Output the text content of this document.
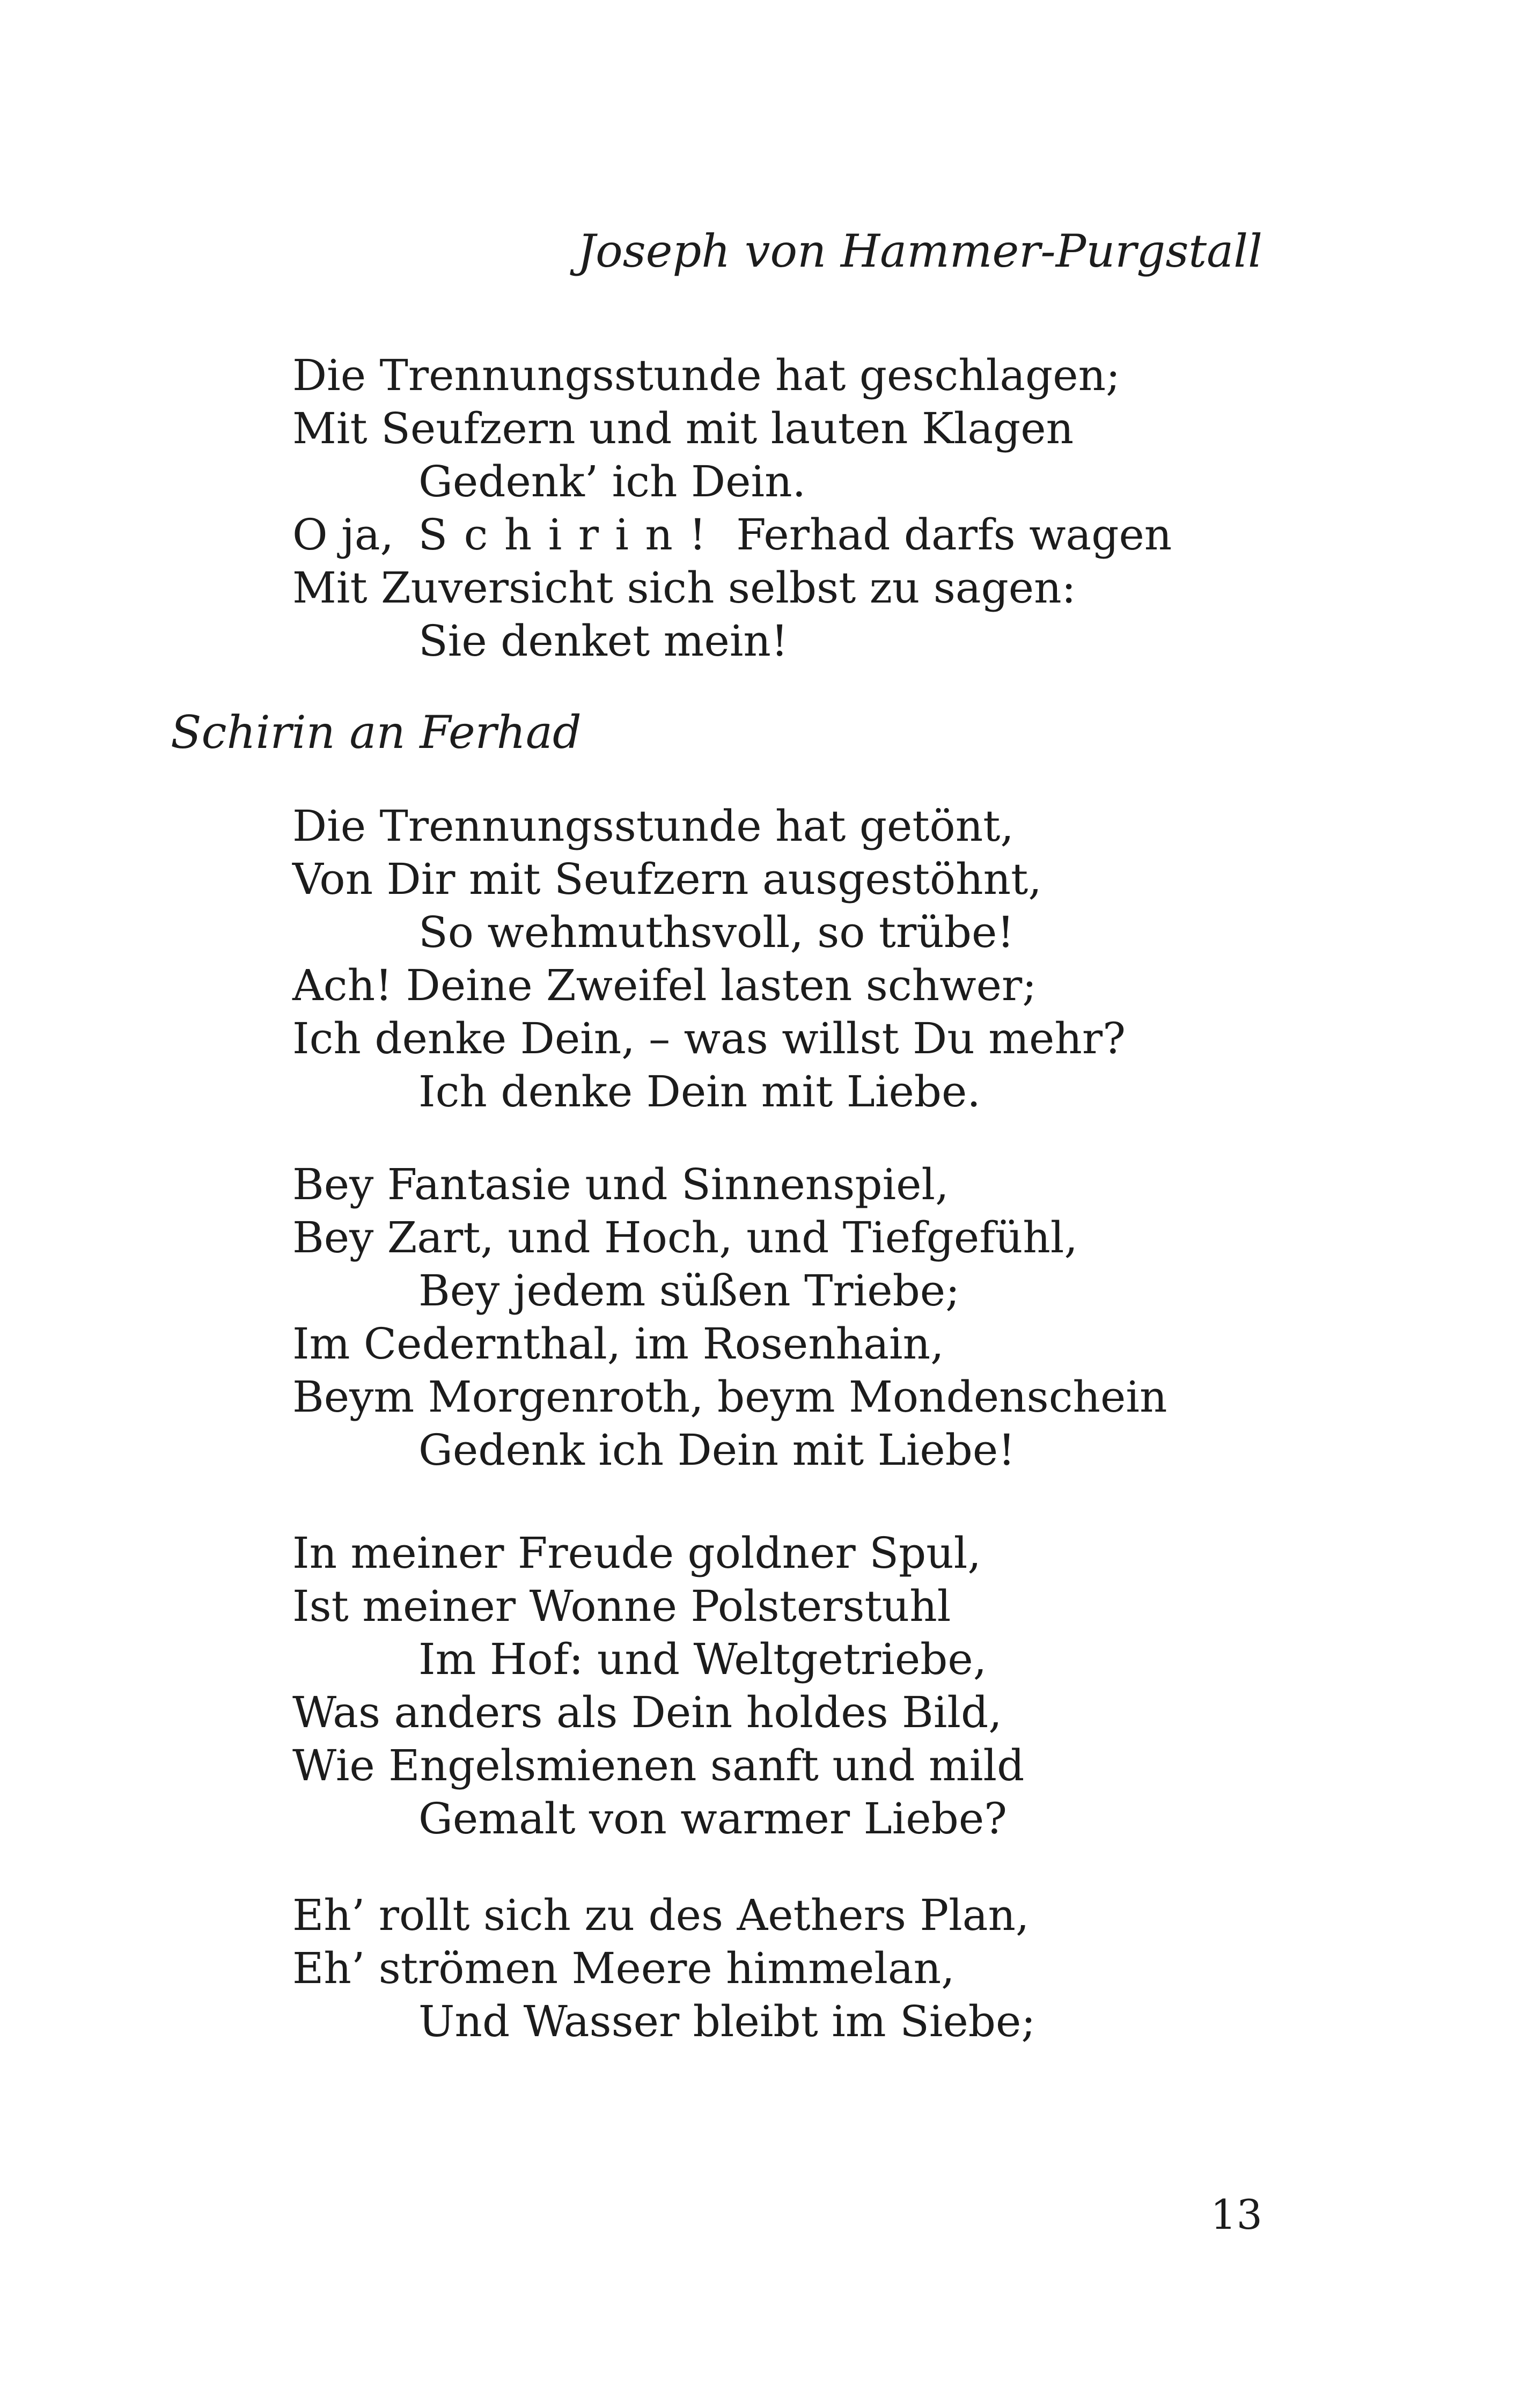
Joseph von Hammer-Purgstall
Die Trennungsstunde hat geschlagen;
Mit Seufzern und mit lauten Klagen
Gedenk’ ich Dein.
O ja, Schirin! Ferhad darfs wagen
Mit Zuversicht sich selbst zu sagen:
Sie denket mein!
Schirin an Ferhad
Die Trennungsstunde hat getönt,
Von Dir mit Seufzern ausgestöhnt,
So wehmuthsvoll, so trübe!
Ach! Deine Zweifel lasten schwer;
Ich denke Dein, – was willst Du mehr?
Ich denke Dein mit Liebe.
Bey Fantasie und Sinnenspiel,
Bey Zart, und Hoch, und Tiefgefühl,
Bey jedem süßen Triebe;
Im Cedernthal, im Rosenhain,
Beym Morgenroth, beym Mondenschein
Gedenk ich Dein mit Liebe!
In meiner Freude goldner Spul,
Ist meiner Wonne Polsterstuhl
Im Hof: und Weltgetriebe,
Was anders als Dein holdes Bild,
Wie Engelsmienen sanft und mild
Gemalt von warmer Liebe?
Eh’ rollt sich zu des Aethers Plan,
Eh’ strömen Meere himmelan,
Und Wasser bleibt im Siebe;
13
